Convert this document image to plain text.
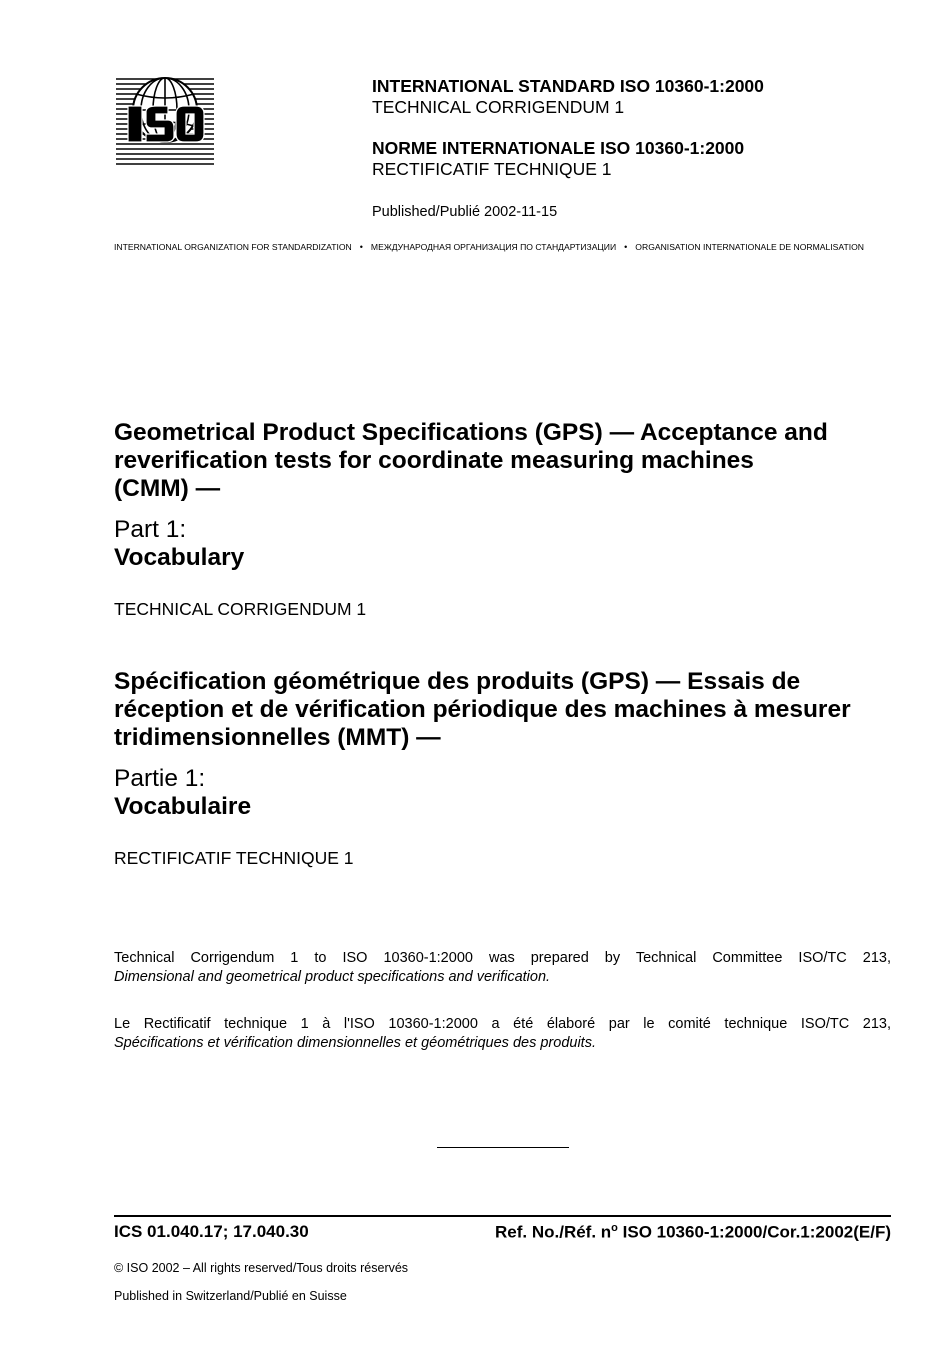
INTERNATIONAL STANDARD ISO 10360-1:2000
TECHNICAL CORRIGENDUM 1
NORME INTERNATIONALE ISO 10360-1:2000
RECTIFICATIF TECHNIQUE 1
Published/Publié 2002-11-15
INTERNATIONAL ORGANIZATION FOR STANDARDIZATION • МЕЖДУНАРОДНАЯ ОРГАНИЗАЦИЯ ПО СТАНДАРТИЗАЦИИ • ORGANISATION INTERNATIONALE DE NORMALISATION
Geometrical Product Specifications (GPS) — Acceptance and
reverification tests for coordinate measuring machines
(CMM) —
Part 1:
Vocabulary
TECHNICAL CORRIGENDUM 1
Spécification géométrique des produits (GPS) — Essais de
réception et de vérification périodique des machines à mesurer
tridimensionnelles (MMT) —
Partie 1:
Vocabulaire
RECTIFICATIF TECHNIQUE 1
Technical Corrigendum 1 to ISO 10360-1:2000 was prepared by Technical Committee ISO/TC 213,
Dimensional and geometrical product specifications and verification.
Le Rectificatif technique 1 à l'ISO 10360-1:2000 a été élaboré par le comité technique ISO/TC 213,
Spécifications et vérification dimensionnelles et géométriques des produits.
ICS 01.040.17; 17.040.30	Ref. No./Réf. $n^o$ ISO 10360-1:2000/Cor.1:2002(E/F)
© ISO 2002 – All rights reserved/Tous droits réservés
Published in Switzerland/Publié en Suisse
